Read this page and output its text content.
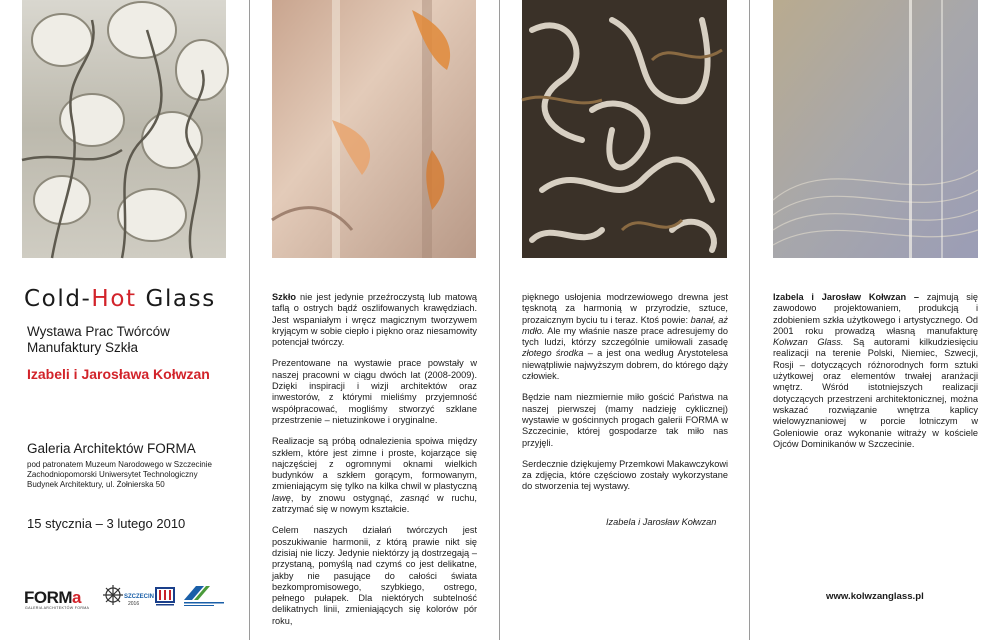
Cold-Hot Glass
Wystawa Prac Twórców
Manufaktury Szkła
Izabeli i Jarosława Kołwzan
Galeria Architektów FORMA
pod patronatem Muzeum Narodowego w Szczecinie
Zachodniopomorski Uniwersytet Technologiczny
Budynek Architektury, ul. Żołnierska 50
15 stycznia – 3 lutego 2010
FORMa
GALERIA ARCHITEKTÓW FORMA
SZCZECIN
2016

Szkło nie jest jedynie przeźroczystą lub matową taflą o ostrych bądź oszlifowanych krawędziach. Jest wspaniałym i wręcz magicznym tworzywem kryjącym w sobie ciepło i piękno oraz niesamowity potencjał twórczy.

Prezentowane na wystawie prace powstały w naszej pracowni w ciągu dwóch lat (2008-2009). Dzięki inspiracji i wizji architektów oraz inwestorów, z którymi mieliśmy przyjemność współpracować, mogliśmy stworzyć szklane przestrzenie – nietuzinkowe i oryginalne.

Realizacje są próbą odnalezienia spoiwa między szkłem, które jest zimne i proste, kojarzące się najczęściej z ogromnymi oknami wielkich budynków a szkłem gorącym, formowanym, zmieniającym się tylko na kilka chwil w plastyczną lawę, by znowu ostygnąć, zasnąć w ruchu, zatrzymać się w nowym kształcie.

Celem naszych działań twórczych jest poszukiwanie harmonii, z którą prawie nikt się dzisiaj nie liczy. Jedynie niektórzy ją dostrzegają – przystaną, pomyślą nad czymś co jest delikatne, jakby nie pasujące do całości świata bezkompromisowego, szybkiego, ostrego, pełnego pułapek. Dla niektórych subtelność delikatnych linii, zmieniających się kolorów pór roku,

pięknego usłojenia modrzewiowego drewna jest tęsknotą za harmonią w przyrodzie, sztuce, prozaicznym byciu tu i teraz. Ktoś powie: banał, aż mdło. Ale my właśnie nasze prace adresujemy do tych ludzi, którzy szczególnie umiłowali zasadę złotego środka – a jest ona według Arystotelesa niewątpliwie najwyższym dobrem, do którego dąży człowiek.

Będzie nam niezmiernie miło gościć Państwa na naszej pierwszej (mamy nadzieję cyklicznej) wystawie w gościnnych progach galerii FORMA w Szczecinie, której gospodarze tak miło nas przyjęli.

Serdecznie dziękujemy Przemkowi Makawczykowi za zdjęcia, które częściowo zostały wykorzystane do stworzenia tej wystawy.

Izabela i Jarosław Kołwzan

Izabela i Jarosław Kołwzan – zajmują się zawodowo projektowaniem, produkcją i zdobieniem szkła użytkowego i artystycznego. Od 2001 roku prowadzą własną manufakturę Kolwzan Glass. Są autorami kilkudziesięciu realizacji na terenie Polski, Niemiec, Szwecji, Rosji – dotyczących różnorodnych form sztuki użytkowej oraz elementów trwałej aranżacji wnętrz. Wśród istotniejszych realizacji dotyczących przestrzeni architektonicznej, można wskazać rozwiązanie wnętrza kaplicy wielowyznaniowej w porcie lotniczym w Goleniowie oraz wykonanie witraży w kościele Ojców Dominikanów w Szczecinie.

www.kolwzanglass.pl
